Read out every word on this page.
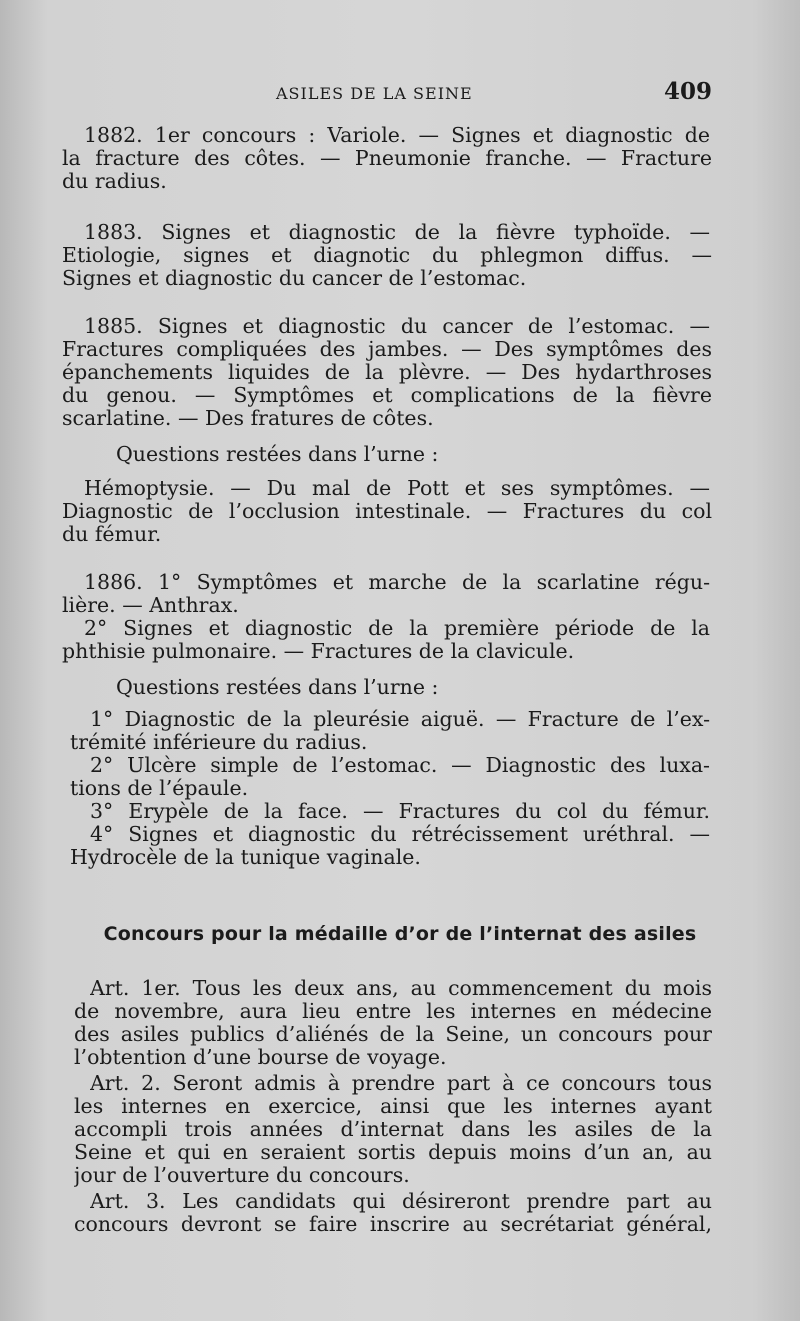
ASILES DE LA SEINE	409
1882. 1er concours : Variole. — Signes et diagnostic de
la fracture des côtes. — Pneumonie franche. — Fracture
du radius.
1883. Signes et diagnostic de la fièvre typhoïde. —
Etiologie, signes et diagnotic du phlegmon diffus. —
Signes et diagnostic du cancer de l’estomac.
1885. Signes et diagnostic du cancer de l’estomac. —
Fractures compliquées des jambes. — Des symptômes des
épanchements liquides de la plèvre. — Des hydarthroses
du genou. — Symptômes et complications de la fièvre
scarlatine. — Des fratures de côtes.
Questions restées dans l’urne :
Hémoptysie. — Du mal de Pott et ses symptômes. —
Diagnostic de l’occlusion intestinale. — Fractures du col
du fémur.
1886. 1° Symptômes et marche de la scarlatine régu-
lière. — Anthrax.
2° Signes et diagnostic de la première période de la
phthisie pulmonaire. — Fractures de la clavicule.
Questions restées dans l’urne :
1° Diagnostic de la pleurésie aiguë. — Fracture de l’ex-
trémité inférieure du radius.
2° Ulcère simple de l’estomac. — Diagnostic des luxa-
tions de l’épaule.
3° Erypèle de la face. — Fractures du col du fémur.
4° Signes et diagnostic du rétrécissement uréthral. —
Hydrocèle de la tunique vaginale.
Concours pour la médaille d’or de l’internat des asiles
Art. 1er. Tous les deux ans, au commencement du mois
de novembre, aura lieu entre les internes en médecine
des asiles publics d’aliénés de la Seine, un concours pour
l’obtention d’une bourse de voyage.
Art. 2. Seront admis à prendre part à ce concours tous
les internes en exercice, ainsi que les internes ayant
accompli trois années d’internat dans les asiles de la
Seine et qui en seraient sortis depuis moins d’un an, au
jour de l’ouverture du concours.
Art. 3. Les candidats qui désireront prendre part au
concours devront se faire inscrire au secrétariat général,
